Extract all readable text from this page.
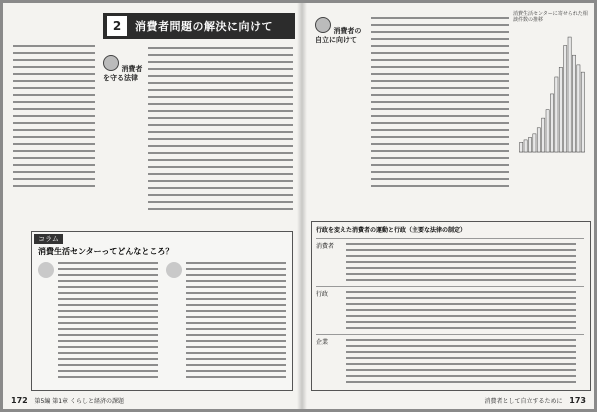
2	消費者問題の解決に向けて
消費者を守る法律
コラム
消費生活センターってどんなところ？
172 第5編 第1章 くらしと経済の課題
消費者の自立に向けて
消費生活センターに寄せられた相談件数の推移
行政を変えた消費者の運動と行政（主要な法律の制定）
消費者
行政
企業
消費者として自立するために 173
